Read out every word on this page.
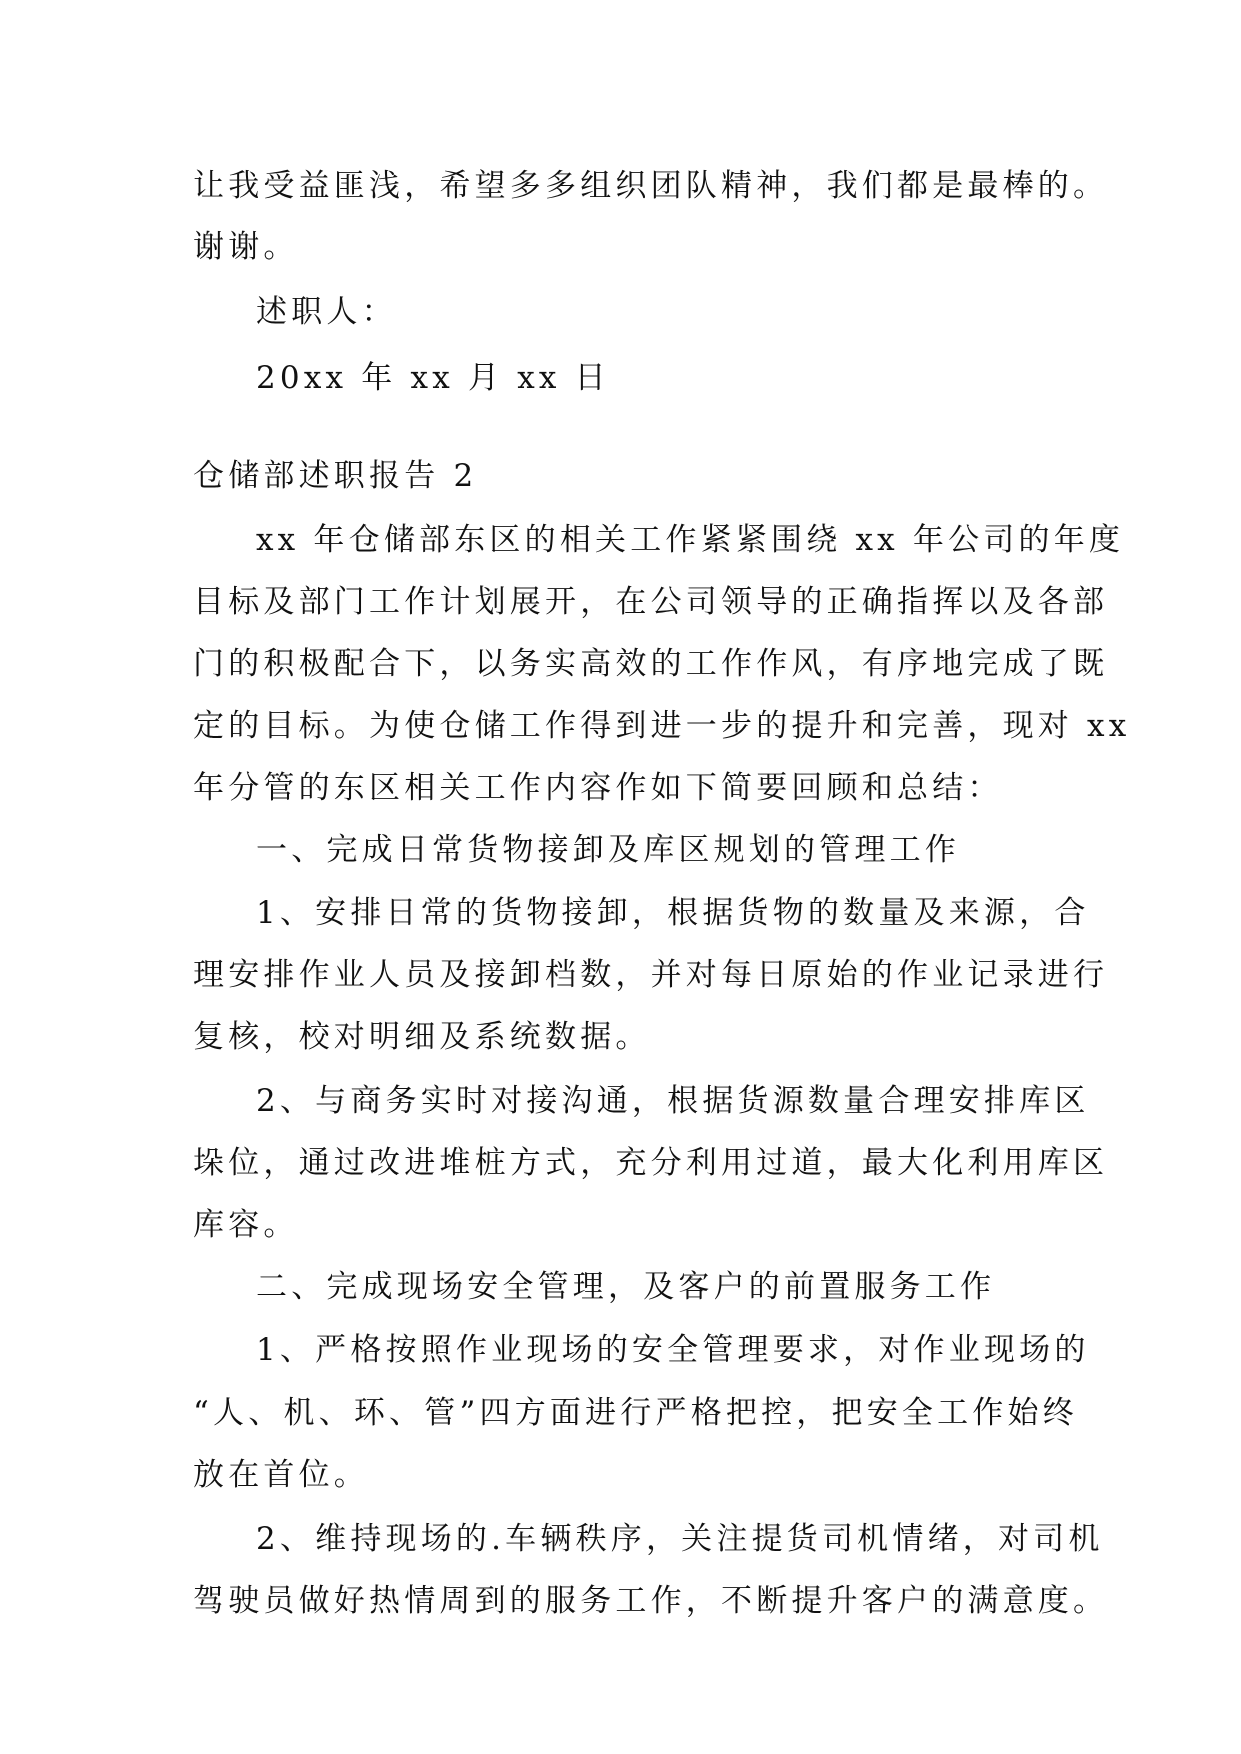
让我受益匪浅，希望多多组织团队精神，我们都是最棒的。
谢谢。
述职人：
20xx 年 xx 月 xx 日
仓储部述职报告 2
xx 年仓储部东区的相关工作紧紧围绕 xx 年公司的年度
目标及部门工作计划展开，在公司领导的正确指挥以及各部
门的积极配合下，以务实高效的工作作风，有序地完成了既
定的目标。为使仓储工作得到进一步的提升和完善，现对 xx
年分管的东区相关工作内容作如下简要回顾和总结：
一、完成日常货物接卸及库区规划的管理工作
1、安排日常的货物接卸，根据货物的数量及来源，合
理安排作业人员及接卸档数，并对每日原始的作业记录进行
复核，校对明细及系统数据。
2、与商务实时对接沟通，根据货源数量合理安排库区
垛位，通过改进堆桩方式，充分利用过道，最大化利用库区
库容。
二、完成现场安全管理，及客户的前置服务工作
1、严格按照作业现场的安全管理要求，对作业现场的
“人、机、环、管”四方面进行严格把控，把安全工作始终
放在首位。
2、维持现场的.车辆秩序，关注提货司机情绪，对司机
驾驶员做好热情周到的服务工作，不断提升客户的满意度。
